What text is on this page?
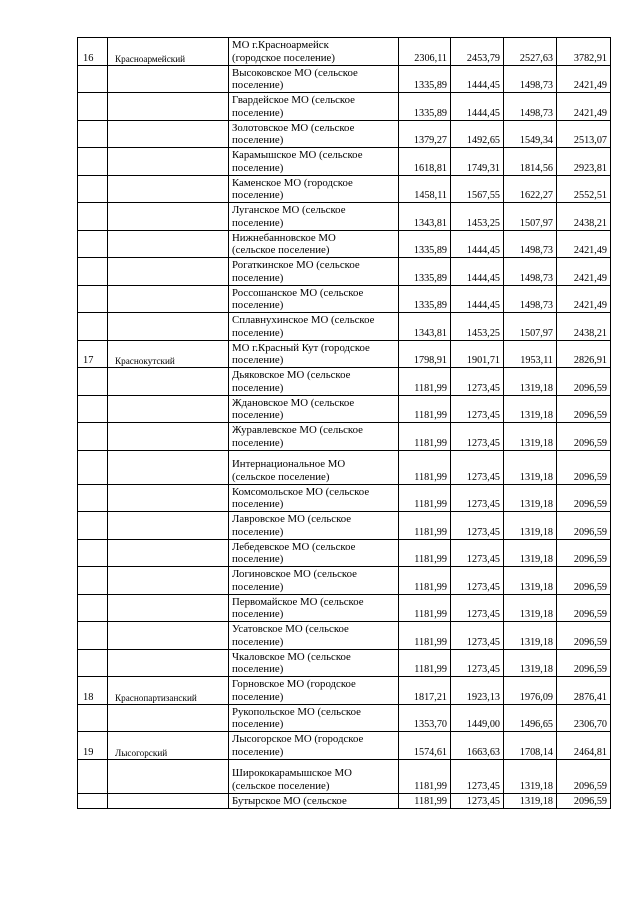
16	Красноармейский	МО г.Красноармейск
(городское поселение)	2306,11	2453,79	2527,63	3782,91

		Высоковское МО (сельское
поселение)	1335,89	1444,45	1498,73	2421,49

		Гвардейское МО (сельское
поселение)	1335,89	1444,45	1498,73	2421,49

		Золотовское МО (сельское
поселение)	1379,27	1492,65	1549,34	2513,07

		Карамышское МО (сельское
поселение)	1618,81	1749,31	1814,56	2923,81

		Каменское МО (городское
поселение)	1458,11	1567,55	1622,27	2552,51

		Луганское МО (сельское
поселение)	1343,81	1453,25	1507,97	2438,21

		Нижнебанновское МО
(сельское поселение)	1335,89	1444,45	1498,73	2421,49

		Рогаткинское МО (сельское
поселение)	1335,89	1444,45	1498,73	2421,49

		Россошанское МО (сельское
поселение)	1335,89	1444,45	1498,73	2421,49

		Сплавнухинское МО (сельское
поселение)	1343,81	1453,25	1507,97	2438,21
17	Краснокутский	МО г.Красный Кут (городское
поселение)	1798,91	1901,71	1953,11	2826,91

		Дьяковское МО (сельское
поселение)	1181,99	1273,45	1319,18	2096,59

		Ждановское МО (сельское
поселение)	1181,99	1273,45	1319,18	2096,59

		Журавлевское МО (сельское
поселение)	1181,99	1273,45	1319,18	2096,59

		Интернациональное МО
(сельское поселение)	1181,99	1273,45	1319,18	2096,59

		Комсомольское МО (сельское
поселение)	1181,99	1273,45	1319,18	2096,59

		Лавровское МО (сельское
поселение)	1181,99	1273,45	1319,18	2096,59

		Лебедевское МО (сельское
поселение)	1181,99	1273,45	1319,18	2096,59

		Логиновское МО (сельское
поселение)	1181,99	1273,45	1319,18	2096,59

		Первомайское МО (сельское
поселение)	1181,99	1273,45	1319,18	2096,59

		Усатовское МО (сельское
поселение)	1181,99	1273,45	1319,18	2096,59

		Чкаловское МО (сельское
поселение)	1181,99	1273,45	1319,18	2096,59
18	Краснопартизанский	Горновское МО (городское
поселение)	1817,21	1923,13	1976,09	2876,41

		Рукопольское МО (сельское
поселение)	1353,70	1449,00	1496,65	2306,70
19	Лысогорский	Лысогорское МО (городское
поселение)	1574,61	1663,63	1708,14	2464,81

		Ширококарамышское МО
(сельское поселение)	1181,99	1273,45	1319,18	2096,59

		Бутырское МО (сельское	1181,99	1273,45	1319,18	2096,59
